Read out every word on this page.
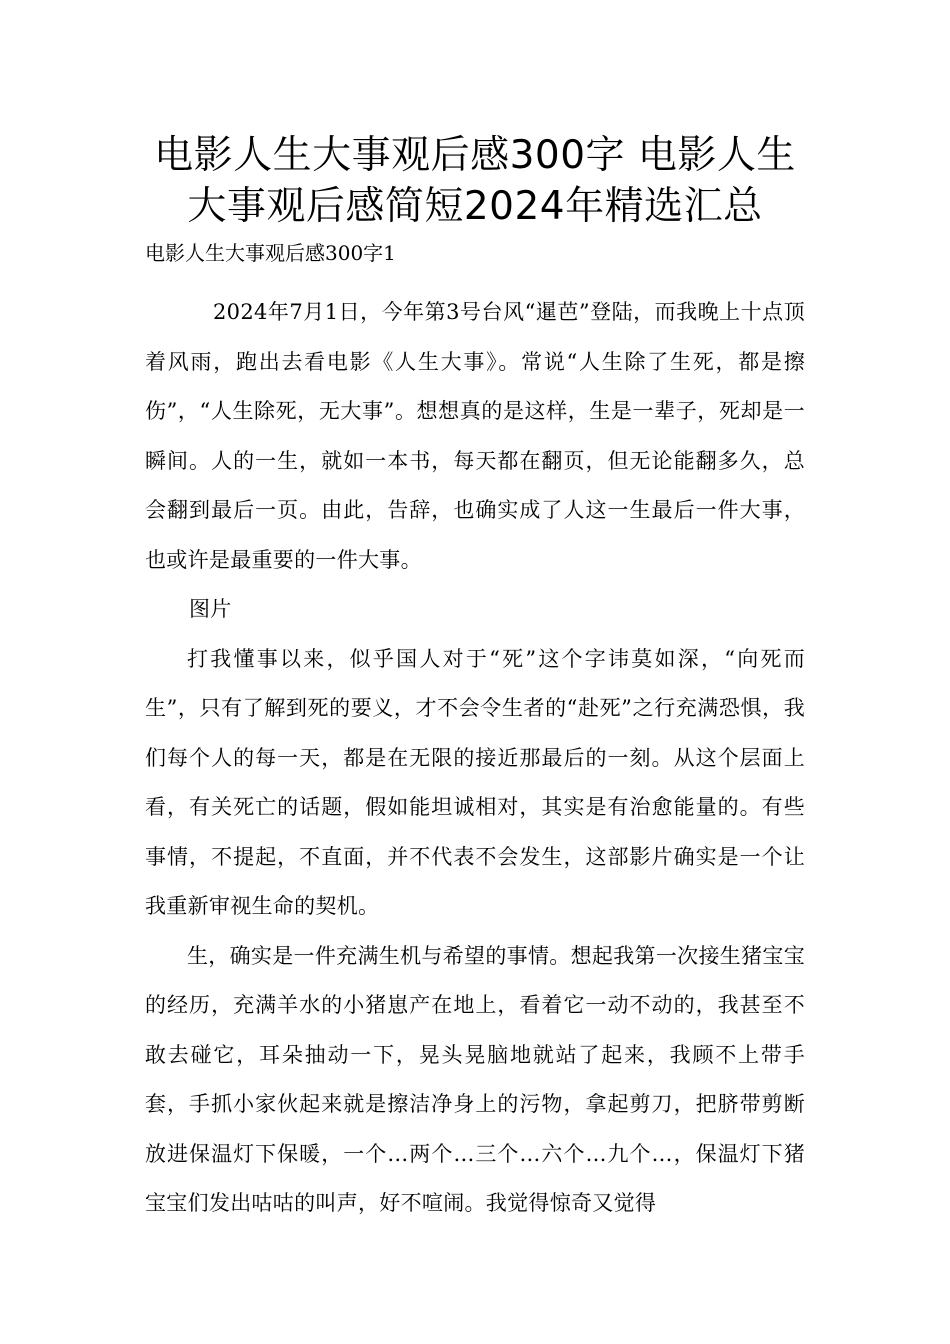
电影人生大事观后感300字 电影人生大事观后感简短2024年精选汇总
电影人生大事观后感300字1

2024年7月1日，今年第3号台风“暹芭”登陆，而我晚上十点顶着风雨，跑出去看电影《人生大事》。常说“人生除了生死，都是擦伤”，“人生除死，无大事”。想想真的是这样，生是一辈子，死却是一瞬间。人的一生，就如一本书，每天都在翻页，但无论能翻多久，总会翻到最后一页。由此，告辞，也确实成了人这一生最后一件大事，也或许是最重要的一件大事。

图片

打我懂事以来，似乎国人对于“死”这个字讳莫如深，“向死而生”，只有了解到死的要义，才不会令生者的“赴死”之行充满恐惧，我们每个人的每一天，都是在无限的接近那最后的一刻。从这个层面上看，有关死亡的话题，假如能坦诚相对，其实是有治愈能量的。有些事情，不提起，不直面，并不代表不会发生，这部影片确实是一个让我重新审视生命的契机。

生，确实是一件充满生机与希望的事情。想起我第一次接生猪宝宝的经历，充满羊水的小猪崽产在地上，看着它一动不动的，我甚至不敢去碰它，耳朵抽动一下，晃头晃脑地就站了起来，我顾不上带手套，手抓小家伙起来就是擦洁净身上的污物，拿起剪刀，把脐带剪断放进保温灯下保暖，一个…两个…三个…六个…九个…，保温灯下猪宝宝们发出咕咕的叫声，好不喧闹。我觉得惊奇又觉得
